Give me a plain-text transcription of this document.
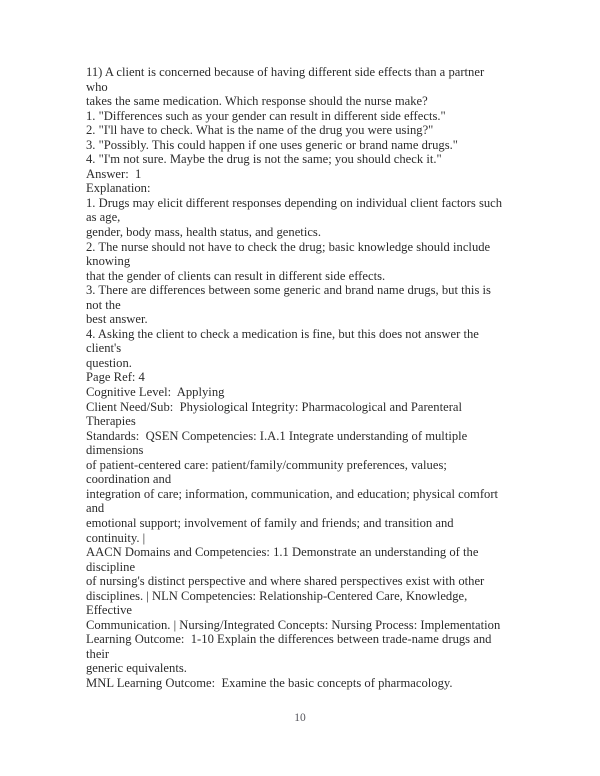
11) A client is concerned because of having different side effects than a partner who
takes the same medication. Which response should the nurse make?
1. "Differences such as your gender can result in different side effects."
2. "I'll have to check. What is the name of the drug you were using?"
3. "Possibly. This could happen if one uses generic or brand name drugs."
4. "I'm not sure. Maybe the drug is not the same; you should check it."
Answer:  1
Explanation:
1. Drugs may elicit different responses depending on individual client factors such as age,
gender, body mass, health status, and genetics.
2. The nurse should not have to check the drug; basic knowledge should include knowing
that the gender of clients can result in different side effects.
3. There are differences between some generic and brand name drugs, but this is not the
best answer.
4. Asking the client to check a medication is fine, but this does not answer the client's
question.
Page Ref: 4
Cognitive Level:  Applying
Client Need/Sub:  Physiological Integrity: Pharmacological and Parenteral Therapies
Standards:  QSEN Competencies: I.A.1 Integrate understanding of multiple dimensions
of patient-centered care: patient/family/community preferences, values; coordination and
integration of care; information, communication, and education; physical comfort and
emotional support; involvement of family and friends; and transition and continuity. |
AACN Domains and Competencies: 1.1 Demonstrate an understanding of the discipline
of nursing's distinct perspective and where shared perspectives exist with other
disciplines. | NLN Competencies: Relationship-Centered Care, Knowledge, Effective
Communication. | Nursing/Integrated Concepts: Nursing Process: Implementation
Learning Outcome:  1-10 Explain the differences between trade-name drugs and their
generic equivalents.
MNL Learning Outcome:  Examine the basic concepts of pharmacology.
10
